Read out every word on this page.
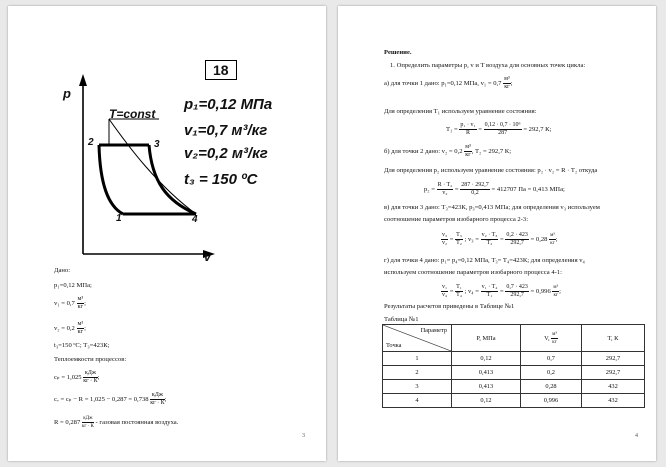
18
p
v
T=const
2	3
1	4
p₁=0,12 МПа
v₁=0,7 м³/кг
v₂=0,2 м³/кг
t₃ = 150 ºС
Дано:
p₁=0,12 МПа;
$v_1 = 0,7 \frac{\text{м³}}{кг}$ ;
$v_2 = 0,2 \frac{\text{м³}}{кг}$ ;
t₃=150 ºС; T₃=423К;
Теплоемкости процессов:
$c_p = 1,025 \frac{\text{кДж}}{кг \cdot К}$ ;
cᵥ = $c_p - R = 1,025 - 0,287 = 0,738 \frac{\text{кДж}}{кг \cdot К}$ ;
$R = 0,287 \frac{\text{кДж}}{кг \cdot К}$ - газовая постоянная воздуха.
3
Решение.
1. Определить параметры p, v и T воздуха для основных точек цикла:
а) для точки 1 дано: p₁=0,12 МПа, $v_1 = 0,7 \frac{\text{м³}}{кг}$ ;
Для определения T₁ используем уравнение состояния:
$T_1 = \frac{\text{p₁ · v₁}}{R} = \frac{\text{0,12 · 0,7 · 10⁶}}{287} = 292,7$ К;
б) для точки 2 дано: $v_2 = 0,2 \frac{\text{м³}}{кг}$ , T₂ = 292,7 К;
Для определения p₂ используем уравнение состояния: p₂ · v₂ = R · T₂ откуда
$p_2 = \frac{\text{R · T₂}}{\text{v₂}} = \frac{287 \cdot 292,7}{0,2} = 412707$ Па = 0,413 МПа;
в) для точки 3 дано: T₃=423К, p₃=0,413 МПа; для определения v₃ используем
соотношение параметров изобарного процесса 2-3:
$\frac{\text{v₃}}{\text{v₂}} = \frac{\text{T₃}}{\text{T₂}}$ ; $v_3 = \frac{\text{v₂ · T₃}}{\text{T₂}} = \frac{0,2 \cdot 423}{292,7} = 0,28 \frac{\text{м³}}{кг}$ ;
г) для точки 4 дано: p₁= p₄=0,12 МПа, T₃= T₄=423К; для определения v₄
используем соотношение параметров изобарного процесса 4-1:
$\frac{\text{v₁}}{\text{v₄}} = \frac{\text{T₁}}{\text{T₄}}$ ; $v_4 = \frac{\text{v₁ · T₄}}{\text{T₁}} = \frac{0,7 \cdot 423}{292,7} = 0,996 \frac{\text{м³}}{кг}$ ;
Результаты расчетов приведены в Таблице №1
Таблица №1
Параметр
Точка	P, МПа	V, $\frac{\text{м³}}{кг}$	T, К
1	0,12	0,7	292,7
2	0,413	0,2	292,7
3	0,413	0,28	432
4	0,12	0,996	432
4
